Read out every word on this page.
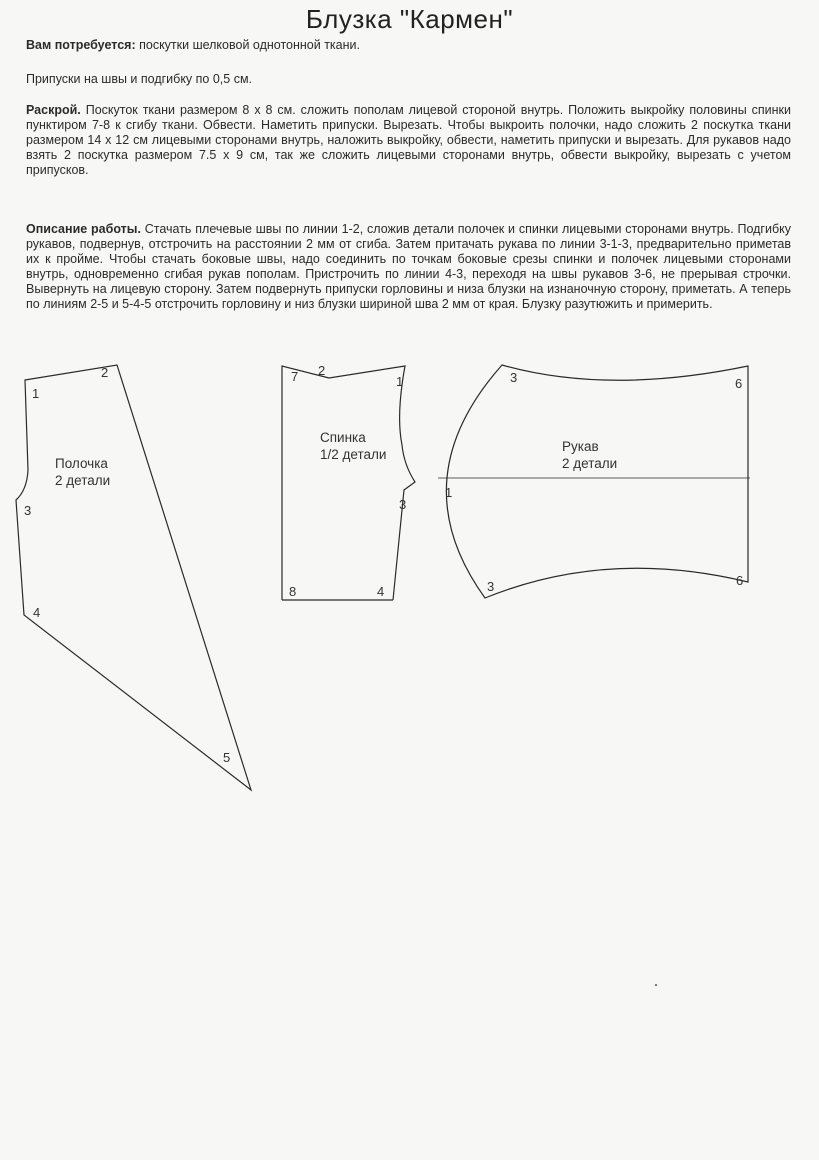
Блузка "Кармен"

Вам потребуется: поскутки шелковой однотонной ткани.

Припуски на швы и подгибку по 0,5 см.

Раскрой. Поскуток ткани размером 8 х 8 см. сложить пополам лицевой стороной внутрь. Положить выкройку половины спинки пунктиром 7-8 к сгибу ткани. Обвести. Наметить припуски. Вырезать. Чтобы выкроить полочки, надо сложить 2 поскутка ткани размером 14 х 12 см лицевыми сторонами внутрь, наложить выкройку, обвести, наметить припуски и вырезать. Для рукавов надо взять 2 поскутка размером 7.5 х 9 см, так же сложить лицевыми сторонами внутрь, обвести выкройку, вырезать с учетом припусков.

Описание работы. Стачать плечевые швы по линии 1-2, сложив детали полочек и спинки лицевыми сторонами внутрь. Подгибку рукавов, подвернув, отстрочить на расстоянии 2 мм от сгиба. Затем притачать рукава по линии 3-1-3, предварительно приметав их к пройме. Чтобы стачать боковые швы, надо соединить по точкам боковые срезы спинки и полочек лицевыми сторонами внутрь, одновременно сгибая рукав пополам. Пристрочить по линии 4-3, переходя на швы рукавов 3-6, не прерывая строчки. Вывернуть на лицевую сторону. Затем подвернуть припуски горловины и низа блузки на изнаночную сторону, приметать. А теперь по линиям 2-5 и 5-4-5 отстрочить горловину и низ блузки шириной шва 2 мм от края. Блузку разутюжить и примерить.

Полочка
2 детали
1
2
3
4
5
Спинка
1/2 детали
7 2
1
3
8	4
Рукав
2 детали
3	6
1
3	6
